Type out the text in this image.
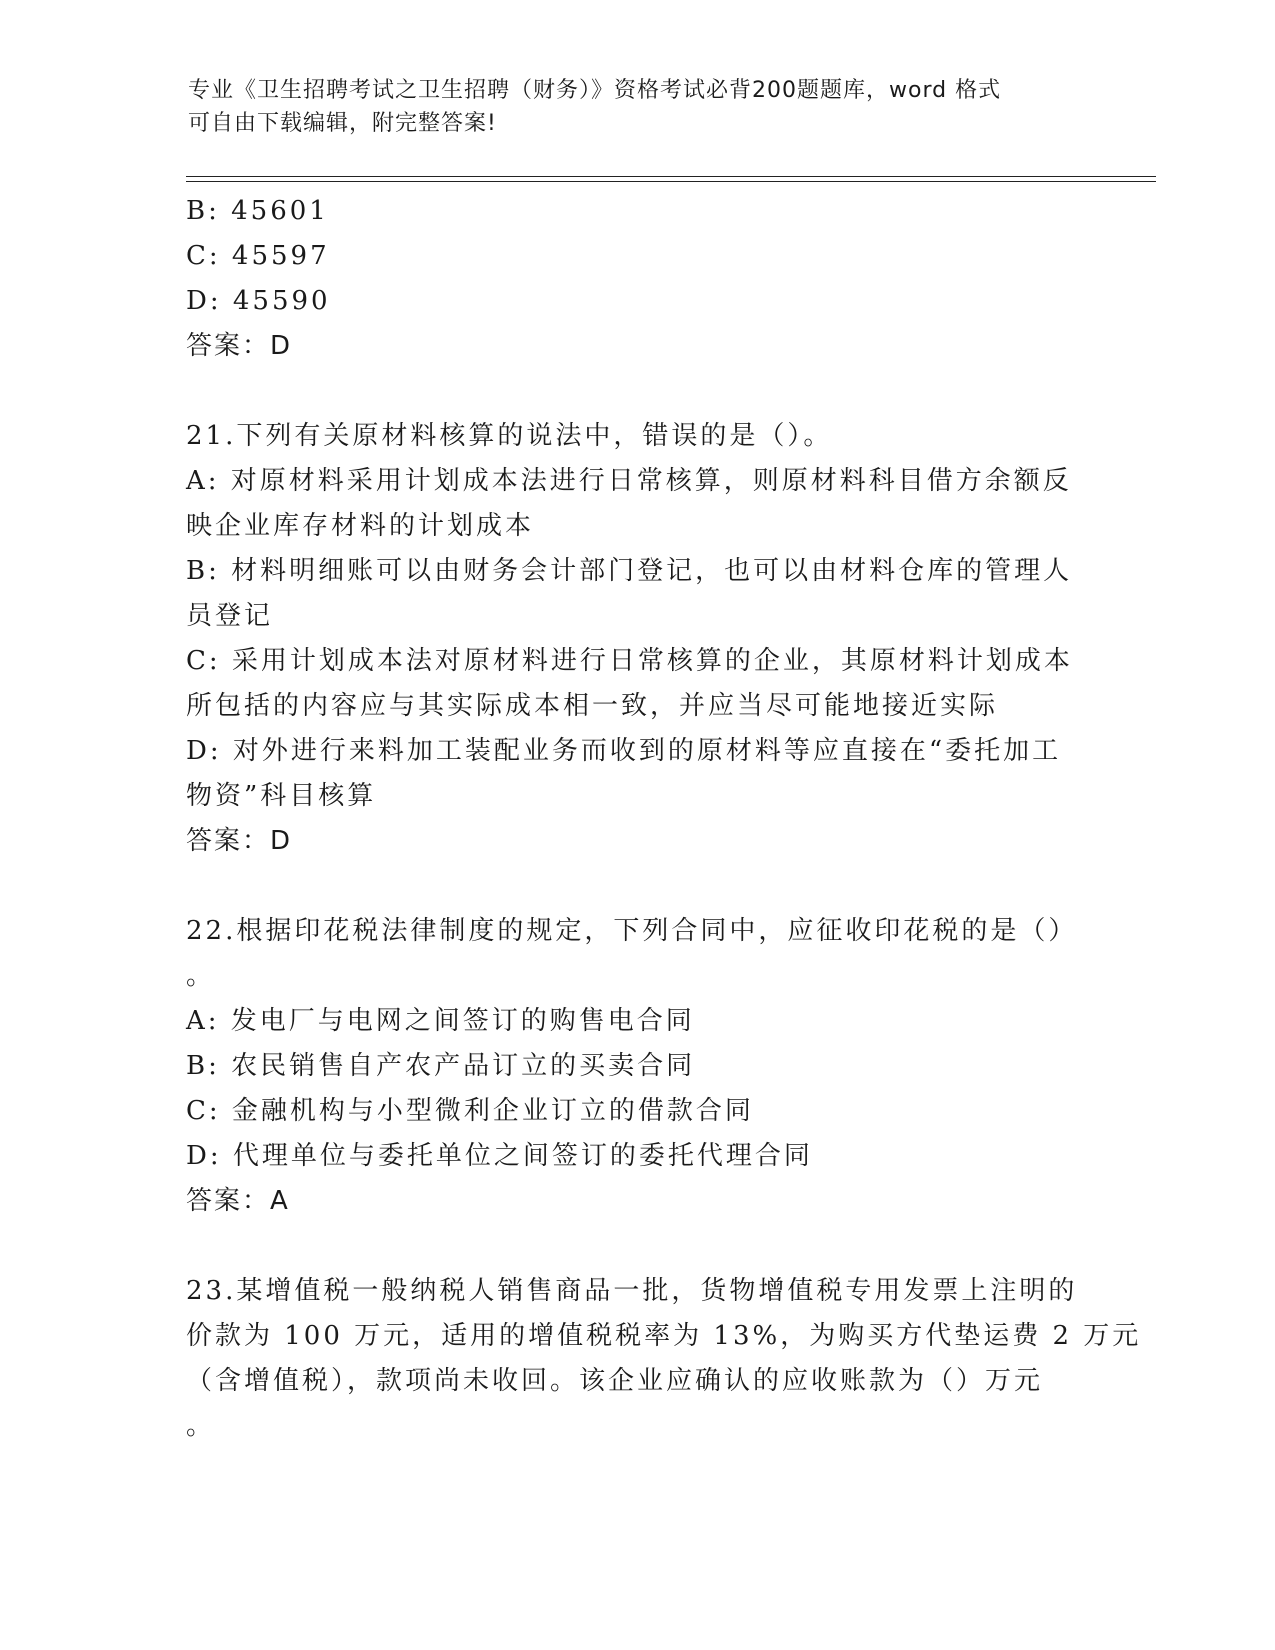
专业《卫生招聘考试之卫生招聘（财务）》资格考试必背200题题库，word 格式
可自由下载编辑，附完整答案!
B: 45601
C: 45597
D: 45590
答案：D
21.下列有关原材料核算的说法中，错误的是（）。
A: 对原材料采用计划成本法进行日常核算，则原材料科目借方余额反
映企业库存材料的计划成本
B: 材料明细账可以由财务会计部门登记，也可以由材料仓库的管理人
员登记
C: 采用计划成本法对原材料进行日常核算的企业，其原材料计划成本
所包括的内容应与其实际成本相一致，并应当尽可能地接近实际
D: 对外进行来料加工装配业务而收到的原材料等应直接在“委托加工
物资”科目核算
答案：D
22.根据印花税法律制度的规定，下列合同中，应征收印花税的是（）
。
A: 发电厂与电网之间签订的购售电合同
B: 农民销售自产农产品订立的买卖合同
C: 金融机构与小型微利企业订立的借款合同
D: 代理单位与委托单位之间签订的委托代理合同
答案：A
23.某增值税一般纳税人销售商品一批，货物增值税专用发票上注明的
价款为 100 万元，适用的增值税税率为 13%，为购买方代垫运费 2 万元
（含增值税），款项尚未收回。该企业应确认的应收账款为（）万元
。
